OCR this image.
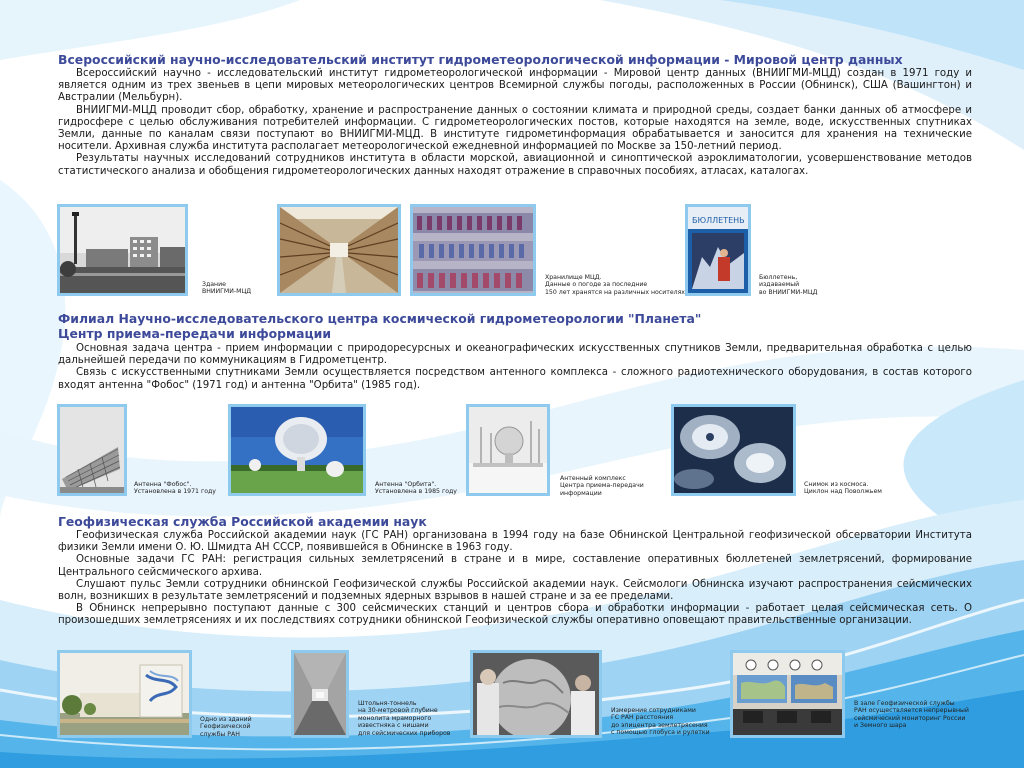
Всероссийский научно-исследовательский институт гидрометеорологической информации - Мировой центр данных

Всероссийский научно - исследовательский институт гидрометеорологической информации - Мировой центр данных (ВНИИГМИ-МЦД) создан в 1971 году и является одним из трех звеньев в цепи мировых метеорологических центров Всемирной службы погоды, расположенных в России (Обнинск), США (Вашингтон) и Австралии (Мельбурн).

ВНИИГМИ-МЦД проводит сбор, обработку, хранение и распространение данных о состоянии климата и природной среды, создает банки данных об атмосфере и гидросфере с целью обслуживания потребителей информации. С гидрометеорологических постов, которые находятся на земле, воде, искусственных спутниках Земли, данные по каналам связи поступают во ВНИИГМИ-МЦД. В институте гидрометинформация обрабатывается и заносится для хранения на технические носители. Архивная служба института располагает метеорологической ежедневной информацией по Москве за 150-летний период.

Результаты научных исследований сотрудников института в области морской, авиационной и синоптической аэроклиматологии, усовершенствование методов статистического анализа и обобщения гидрометеорологических данных находят отражение в справочных пособиях, атласах, каталогах.

Здание
ВНИИГМИ-МЦД
Хранилище МЦД.
Данные о погоде за последние
150 лет хранятся на различных носителях
БЮЛЛЕТЕНЬ
Бюллетень,
издаваемый
во ВНИИГМИ-МЦД
Филиал Научно-исследовательского центра космической гидрометеорологии "Планета"
Центр приема-передачи информации

Основная задача центра - прием информации с природоресурсных и океанографических искусственных спутников Земли, предварительная обработка с целью дальнейшей передачи по коммуникациям в Гидрометцентр.

Связь с искусственными спутниками Земли осуществляется посредством антенного комплекса - сложного радиотехнического оборудования, в состав которого входят антенна "Фобос" (1971 год) и антенна "Орбита" (1985 год).

Антенна "Фобос".
Установлена в 1971 году
Антенна "Орбита".
Установлена в 1985 году
Антенный комплекс
Центра приема-передачи
информации
Снимок из космоса.
Циклон над Поволжьем
Геофизическая служба Российской академии наук

Геофизическая служба Российской академии наук (ГС РАН) организована в 1994 году на базе Обнинской Центральной геофизической обсерватории Института физики Земли имени О. Ю. Шмидта АН СССР, появившейся в Обнинске в 1963 году.

Основные задачи ГС РАН: регистрация сильных землетрясений в стране и в мире, составление оперативных бюллетеней землетрясений, формирование Центрального сейсмического архива.

Слушают пульс Земли сотрудники обнинской Геофизической службы Российской академии наук. Сейсмологи Обнинска изучают распространения сейсмических волн, возникших в результате землетрясений и подземных ядерных взрывов в нашей стране и за ее пределами.

В Обнинск непрерывно поступают данные с 300 сейсмических станций и центров сбора и обработки информации - работает целая сейсмическая сеть. О произошедших землетрясениях и их последствиях сотрудники обнинской Геофизической службы оперативно оповещают правительственные организации.

Одно из зданий
Геофизической
службы РАН
Штольня-тоннель
на 30-метровой глубине
монолита мраморного
известняка с нишами
для сейсмических приборов
Измерение сотрудниками
ГС РАН расстояния
до эпицентра землетрясения
с помощью глобуса и рулетки
В зале Геофизической службы
РАН осуществляется непрерывный
сейсмический мониторинг России
и Земного шара
